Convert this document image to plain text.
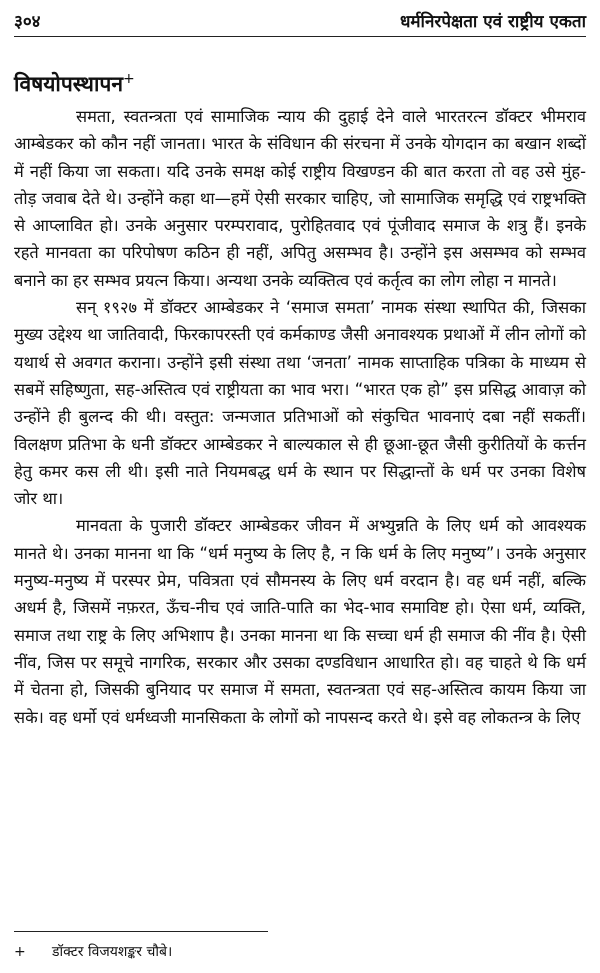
३०४	धर्मनिरपेक्षता एवं राष्ट्रीय एकता
विषयोपस्थापन+

समता, स्वतन्त्रता एवं सामाजिक न्याय की दुहाई देने वाले भारतरत्न डॉक्टर भीमराव आम्बेडकर को कौन नहीं जानता। भारत के संविधान की संरचना में उनके योगदान का बखान शब्दों में नहीं किया जा सकता। यदि उनके समक्ष कोई राष्ट्रीय विखण्डन की बात करता तो वह उसे मुंह-तोड़ जवाब देते थे। उन्होंने कहा था—हमें ऐसी सरकार चाहिए, जो सामाजिक समृद्धि एवं राष्ट्रभक्ति से आप्लावित हो। उनके अनुसार परम्परावाद, पुरोहितवाद एवं पूंजीवाद समाज के शत्रु हैं। इनके रहते मानवता का परिपोषण कठिन ही नहीं, अपितु असम्भव है। उन्होंने इस असम्भव को सम्भव बनाने का हर सम्भव प्रयत्न किया। अन्यथा उनके व्यक्तित्व एवं कर्तृत्व का लोग लोहा न मानते।

सन् १९२७ में डॉक्टर आम्बेडकर ने ‘समाज समता’ नामक संस्था स्थापित की, जिसका मुख्य उद्देश्य था जातिवादी, फिरकापरस्ती एवं कर्मकाण्ड जैसी अनावश्यक प्रथाओं में लीन लोगों को यथार्थ से अवगत कराना। उन्होंने इसी संस्था तथा ‘जनता’ नामक साप्ताहिक पत्रिका के माध्यम से सबमें सहिष्णुता, सह-अस्तित्व एवं राष्ट्रीयता का भाव भरा। “भारत एक हो” इस प्रसिद्ध आवाज़ को उन्होंने ही बुलन्द की थी। वस्तुत: जन्मजात प्रतिभाओं को संकुचित भावनाएं दबा नहीं सकतीं। विलक्षण प्रतिभा के धनी डॉक्टर आम्बेडकर ने बाल्यकाल से ही छूआ-छूत जैसी कुरीतियों के कर्त्तन हेतु कमर कस ली थी। इसी नाते नियमबद्ध धर्म के स्थान पर सिद्धान्तों के धर्म पर उनका विशेष जोर था।

मानवता के पुजारी डॉक्टर आम्बेडकर जीवन में अभ्युन्नति के लिए धर्म को आवश्यक मानते थे। उनका मानना था कि “धर्म मनुष्य के लिए है, न कि धर्म के लिए मनुष्य”। उनके अनुसार मनुष्य-मनुष्य में परस्पर प्रेम, पवित्रता एवं सौमनस्य के लिए धर्म वरदान है। वह धर्म नहीं, बल्कि अधर्म है, जिसमें नफ़रत, ऊँच-नीच एवं जाति-पाति का भेद-भाव समाविष्ट हो। ऐसा धर्म, व्यक्ति, समाज तथा राष्ट्र के लिए अभिशाप है। उनका मानना था कि सच्चा धर्म ही समाज की नींव है। ऐसी नींव, जिस पर समूचे नागरिक, सरकार और उसका दण्डविधान आधारित हो। वह चाहते थे कि धर्म में चेतना हो, जिसकी बुनियाद पर समाज में समता, स्वतन्त्रता एवं सह-अस्तित्व कायम किया जा सके। वह धर्मो एवं धर्मध्वजी मानसिकता के लोगों को नापसन्द करते थे। इसे वह लोकतन्त्र के लिए

+ डॉक्टर विजयशङ्कर चौबे।
